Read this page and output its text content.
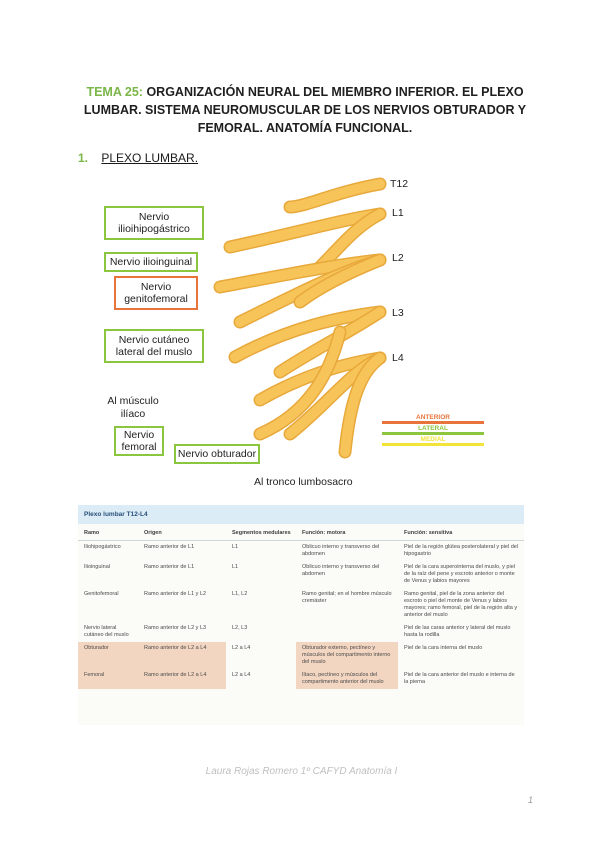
TEMA 25: ORGANIZACIÓN NEURAL DEL MIEMBRO INFERIOR. EL PLEXO LUMBAR. SISTEMA NEUROMUSCULAR DE LOS NERVIOS OBTURADOR Y FEMORAL. ANATOMÍA FUNCIONAL.
1. PLEXO LUMBAR.
T12
L1
L2
L3
L4
Nervio ilioihipogástrico
Nervio ilioinguinal
Nervio genitofemoral
Nervio cutáneo lateral del muslo
Al músculo ilíaco
Nervio femoral
Nervio obturador
Al tronco lumbosacro
ANTERIOR
LATERAL
MEDIAL
Plexo lumbar T12-L4
Ramo	Origen	Segmentos medulares	Función: motora	Función: sensitiva
Iliohipogástrico	Ramo anterior de L1	L1	Oblicuo interno y transverso del abdomen	Piel de la región glútea posterolateral y piel del hipogastrio
Ilioinguinal	Ramo anterior de L1	L1	Oblicuo interno y transverso del abdomen	Piel de la cara superointerna del muslo, y piel de la raíz del pene y escroto anterior o monte de Venus y labios mayores
Genitofemoral	Ramo anterior de L1 y L2	L1, L2	Ramo genital; en el hombre músculo cremáster	Ramo genital, piel de la zona anterior del escroto o piel del monte de Venus y labios mayores; ramo femoral, piel de la región alta y anterior del muslo
Nervio lateral cutáneo del muslo	Ramo anterior de L2 y L3	L2, L3		Piel de las caras anterior y lateral del muslo hasta la rodilla
Obturador	Ramo anterior de L2 a L4	L2 a L4	Obturador externo, pectíneo y músculos del compartimento interno del muslo	Piel de la cara interna del muslo
Femoral	Ramo anterior de L2 a L4	L2 a L4	Ilíaco, pectíneo y músculos del compartimento anterior del muslo	Piel de la cara anterior del muslo e interna de la pierna
Laura Rojas Romero 1º CAFYD Anatomía I
1
